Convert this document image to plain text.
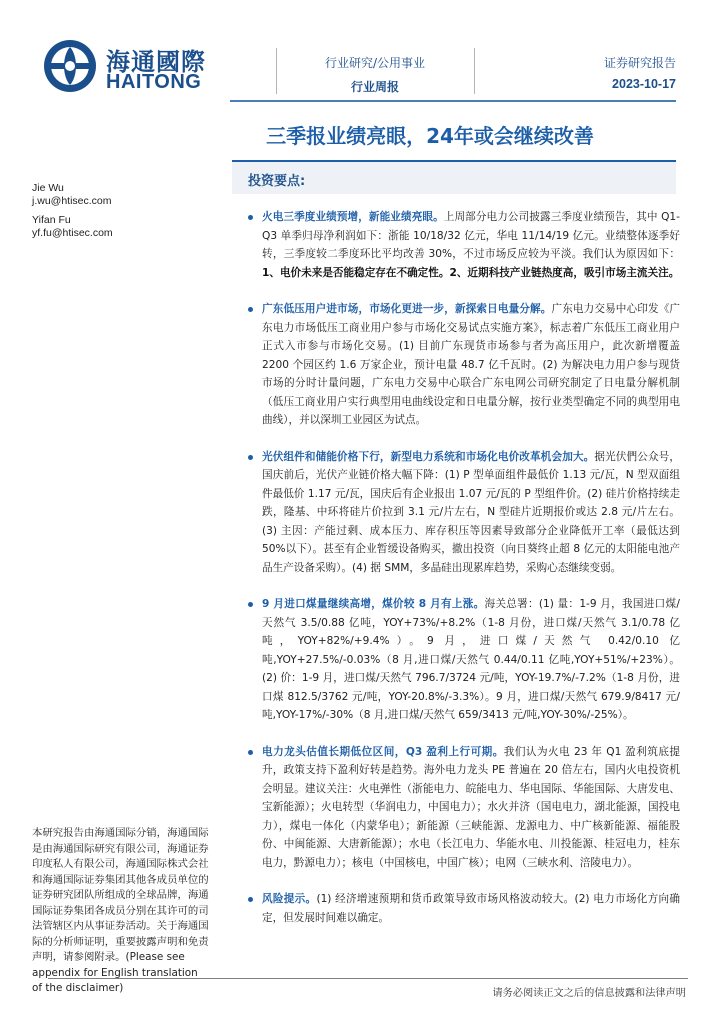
海通國際
HAITONG
行业研究/公用事业
行业周报
证券研究报告
2023-10-17
三季报业绩亮眼，24年或会继续改善
投资要点:
Jie Wu
j.wu@htisec.com
Yifan Fu
yf.fu@htisec.com
火电三季度业绩预增，新能业绩亮眼。上周部分电力公司披露三季度业绩预告，其中 Q1-Q3 单季归母净利润如下：浙能 10/18/32 亿元，华电 11/14/19 亿元。业绩整体逐季好转，三季度较二季度环比平均改善 30%，不过市场反应较为平淡。我们认为原因如下：1、电价未来是否能稳定存在不确定性。2、近期科技产业链热度高，吸引市场主流关注。
广东低压用户进市场，市场化更进一步，新探索日电量分解。广东电力交易中心印发《广东电力市场低压工商业用户参与市场化交易试点实施方案》，标志着广东低压工商业用户正式入市参与市场化交易。(1) 目前广东现货市场参与者为高压用户，此次新增覆盖 2200 个园区约 1.6 万家企业，预计电量 48.7 亿千瓦时。(2) 为解决电力用户参与现货市场的分时计量问题，广东电力交易中心联合广东电网公司研究制定了日电量分解机制（低压工商业用户实行典型用电曲线设定和日电量分解，按行业类型确定不同的典型用电曲线），并以深圳工业园区为试点。
光伏组件和储能价格下行，新型电力系统和市场化电价改革机会加大。据光伏們公众号，国庆前后，光伏产业链价格大幅下降：(1) P 型单面组件最低价 1.13 元/瓦，N 型双面组件最低价 1.17 元/瓦，国庆后有企业报出 1.07 元/瓦的 P 型组件价。(2) 硅片价格持续走跌，隆基、中环将硅片价拉到 3.1 元/片左右，N 型硅片近期报价或达 2.8 元/片左右。(3) 主因：产能过剩、成本压力、库存积压等因素导致部分企业降低开工率（最低达到 50%以下）。甚至有企业暂缓设备购买，撤出投资（向日葵终止超 8 亿元的太阳能电池产品生产设备采购）。(4) 据 SMM，多晶硅出现累库趋势，采购心态继续变弱。
9 月进口煤量继续高增，煤价较 8 月有上涨。海关总署：(1) 量：1-9 月，我国进口煤/天然气 3.5/0.88 亿吨，YOY+73%/+8.2%（1-8 月份，进口煤/天然气 3.1/0.78 亿吨，YOY+82%/+9.4%）。9 月，进口煤/天然气 0.42/0.10 亿吨,YOY+27.5%/-0.03%（8 月,进口煤/天然气 0.44/0.11 亿吨,YOY+51%/+23%）。(2) 价：1-9 月，进口煤/天然气 796.7/3724 元/吨，YOY-19.7%/-7.2%（1-8 月份，进口煤 812.5/3762 元/吨，YOY-20.8%/-3.3%）。9 月，进口煤/天然气 679.9/8417 元/吨,YOY-17%/-30%（8 月,进口煤/天然气 659/3413 元/吨,YOY-30%/-25%）。
电力龙头估值长期低位区间，Q3 盈利上行可期。我们认为火电 23 年 Q1 盈利筑底提升，政策支持下盈利好转是趋势。海外电力龙头 PE 普遍在 20 倍左右，国内火电投资机会明显。建议关注：火电弹性（浙能电力、皖能电力、华电国际、华能国际、大唐发电、宝新能源）；火电转型（华润电力，中国电力）；水火并济（国电电力，湖北能源，国投电力），煤电一体化（内蒙华电）；新能源（三峡能源、龙源电力、中广核新能源、福能股份、中闽能源、大唐新能源）；水电（长江电力、华能水电、川投能源、桂冠电力，桂东电力，黔源电力）；核电（中国核电，中国广核）；电网（三峡水利、涪陵电力）。
风险提示。(1) 经济增速预期和货币政策导致市场风格波动较大。(2) 电力市场化方向确定，但发展时间难以确定。
本研究报告由海通国际分销，海通国际是由海通国际研究有限公司，海通证券印度私人有限公司，海通国际株式会社和海通国际证券集团其他各成员单位的证券研究团队所组成的全球品牌，海通国际证券集团各成员分别在其许可的司法管辖区内从事证券活动。关于海通国际的分析师证明，重要披露声明和免责声明，请参阅附录。(Please see appendix for English translation of the disclaimer)	请务必阅读正文之后的信息披露和法律声明
